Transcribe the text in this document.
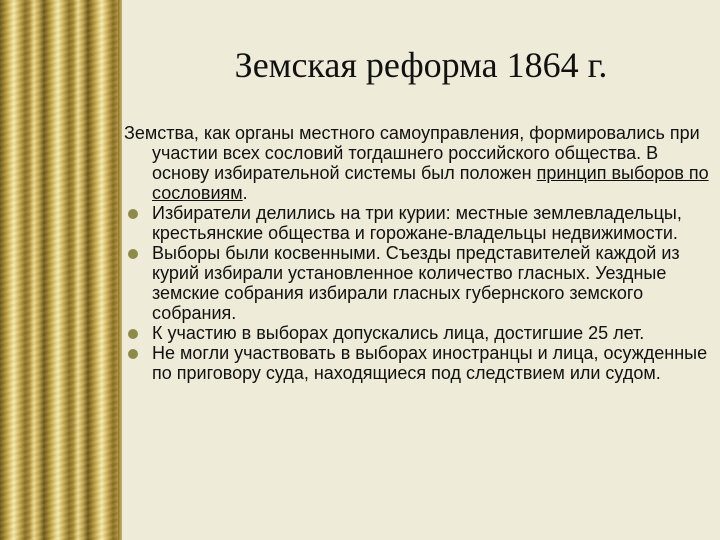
Земская реформа 1864 г.

Земства, как органы местного самоуправления, формировались при участии всех сословий тогдашнего российского общества. В основу избирательной системы был положен принцип выборов по сословиям.

Избиратели делились на три курии: местные землевладельцы, крестьянские общества и горожане-владельцы недвижимости.

Выборы были косвенными. Съезды представителей каждой из курий избирали установленное количество гласных. Уездные земские собрания избирали гласных губернского земского собрания.

К участию в выборах допускались лица, достигшие 25 лет.

Не могли участвовать в выборах иностранцы и лица, осужденные по приговору суда, находящиеся под следствием или судом.
